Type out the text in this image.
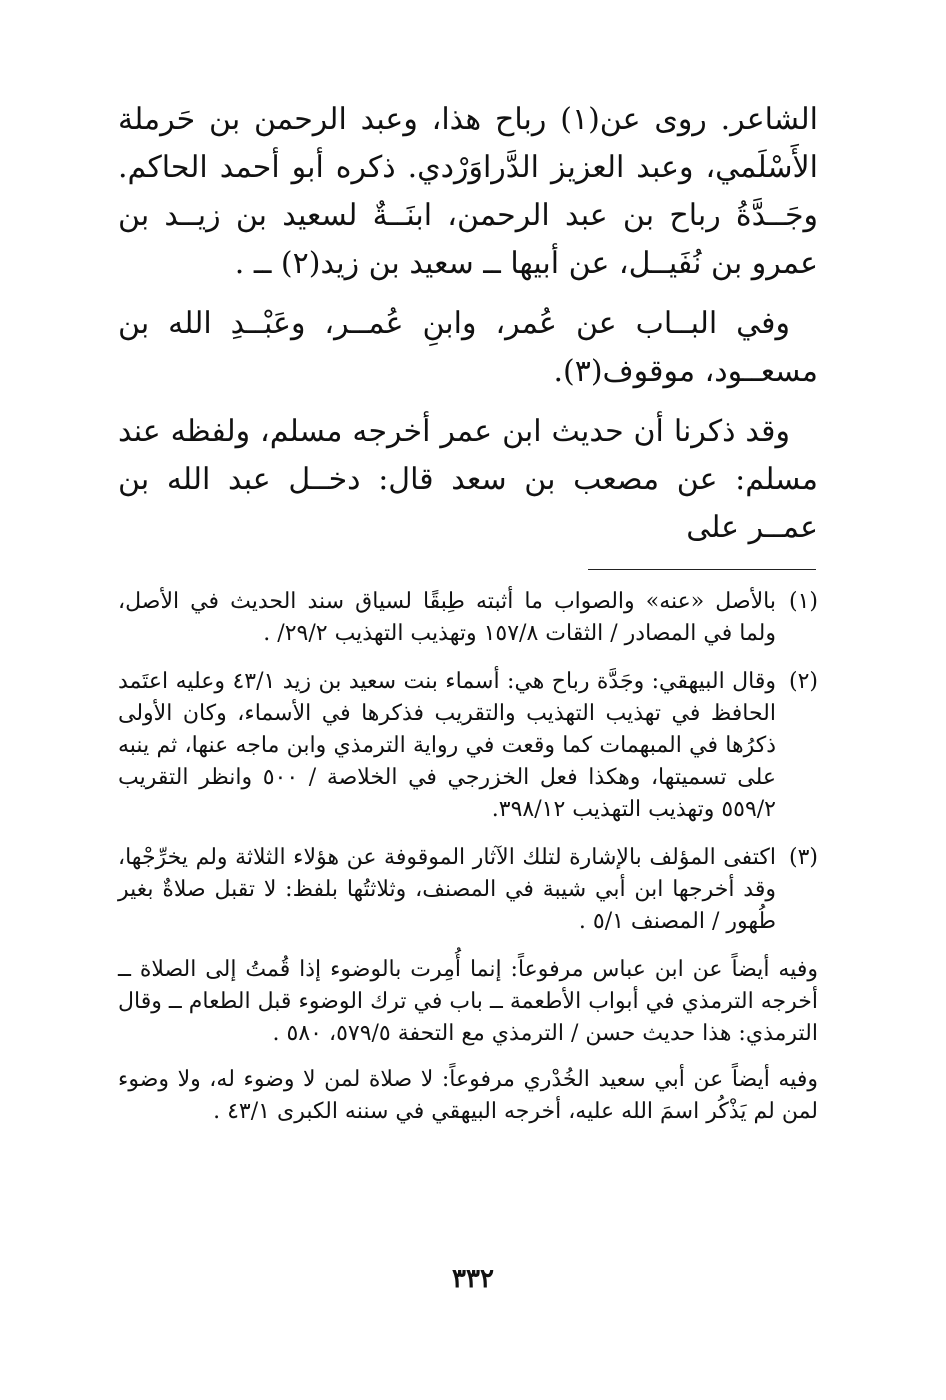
الشاعر. روى عن(١) رباح هذا، وعبد الرحمن بن حَرملة الأَسْلَمي، وعبد العزيز الدَّراوَرْدي. ذكره أبو أحمد الحاكم. وجَــدَّةُ رباح بن عبد الرحمن، ابنَــةٌ لسعيد بن زيــد بن عمرو بن نُفَيــل، عن أبيها ــ سعيد بن زيد(٢) ــ .

وفي البــاب عن عُمر، وابنِ عُمــر، وعَبْــدِ الله بن مسعــود، موقوف(٣).

وقد ذكرنا أن حديث ابن عمر أخرجه مسلم، ولفظه عند مسلم: عن مصعب بن سعد قال: دخــل عبد الله بن عمــر على

(١)
بالأصل «عنه» والصواب ما أثبته طِبقًا لسياق سند الحديث في الأصل، ولما في المصادر / الثقات ١٥٧/٨ وتهذيب التهذيب ٢٩/٢/ .
(٢)
وقال البيهقي: وجَدَّة رباح هي: أسماء بنت سعيد بن زيد ٤٣/١ وعليه اعتَمد الحافظ في تهذيب التهذيب والتقريب فذكرها في الأسماء، وكان الأولى ذكرُها في المبهمات كما وقعت في رواية الترمذي وابن ماجه عنها، ثم ينبه على تسميتها، وهكذا فعل الخزرجي في الخلاصة / ٥٠٠ وانظر التقريب ٥٥٩/٢ وتهذيب التهذيب ٣٩٨/١٢.
(٣)
اكتفى المؤلف بالإشارة لتلك الآثار الموقوفة عن هؤلاء الثلاثة ولم يخرِّجْها، وقد أخرجها ابن أبي شيبة في المصنف، وثلاثتُها بلفظ: لا تقبل صلاةٌ بغير طُهور / المصنف ٥/١ .

وفيه أيضاً عن ابن عباس مرفوعاً: إنما أُمِرت بالوضوء إذا قُمتُ إلى الصلاة ــ أخرجه الترمذي في أبواب الأطعمة ــ باب في ترك الوضوء قبل الطعام ــ وقال الترمذي: هذا حديث حسن / الترمذي مع التحفة ٥٧٩/٥، ٥٨٠ .

وفيه أيضاً عن أبي سعيد الخُدْري مرفوعاً: لا صلاة لمن لا وضوء له، ولا وضوء لمن لم يَذْكُر اسمَ الله عليه، أخرجه البيهقي في سننه الكبرى ٤٣/١ .

٣٣٢
